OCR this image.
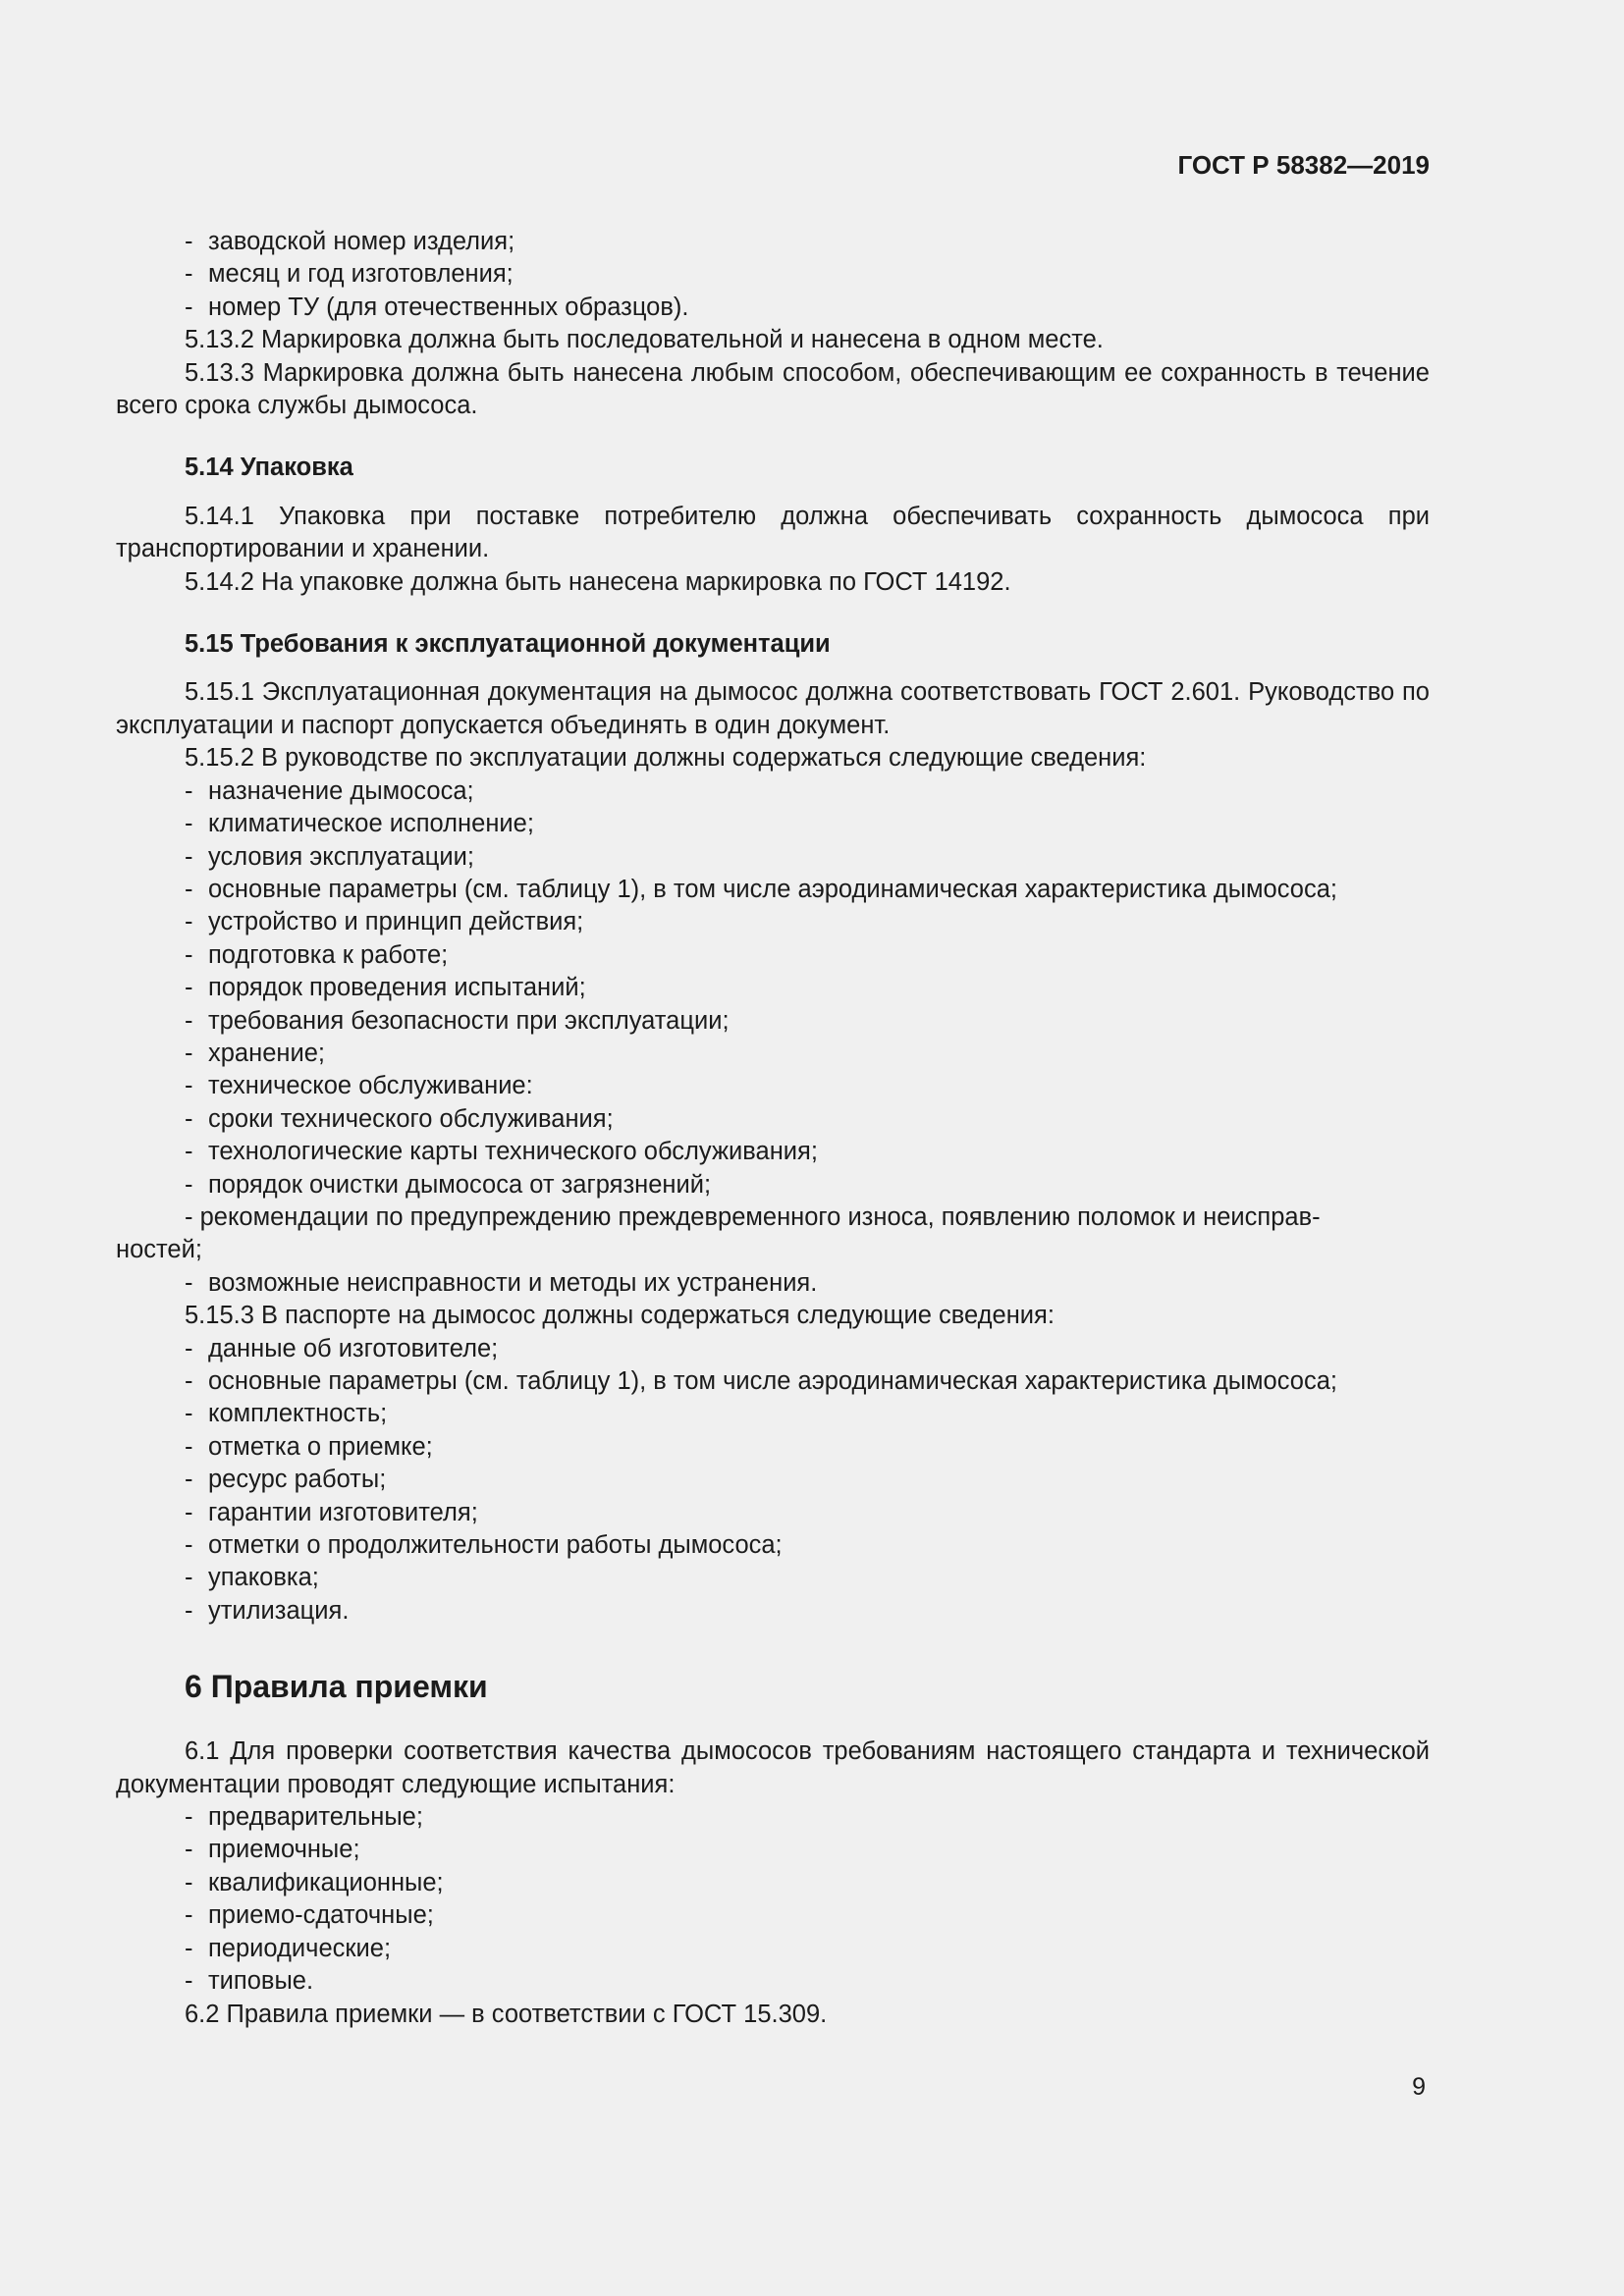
ГОСТ Р 58382—2019
- заводской номер изделия;
- месяц и год изготовления;
- номер ТУ (для отечественных образцов).
5.13.2 Маркировка должна быть последовательной и нанесена в одном месте.
5.13.3 Маркировка должна быть нанесена любым способом, обеспечивающим ее сохранность в течение всего срока службы дымососа.
5.14 Упаковка
5.14.1 Упаковка при поставке потребителю должна обеспечивать сохранность дымососа при транспортировании и хранении.
5.14.2 На упаковке должна быть нанесена маркировка по ГОСТ 14192.
5.15 Требования к эксплуатационной документации
5.15.1 Эксплуатационная документация на дымосос должна соответствовать ГОСТ 2.601. Руководство по эксплуатации и паспорт допускается объединять в один документ.
5.15.2 В руководстве по эксплуатации должны содержаться следующие сведения:
- назначение дымососа;
- климатическое исполнение;
- условия эксплуатации;
- основные параметры (см. таблицу 1), в том числе аэродинамическая характеристика дымососа;
- устройство и принцип действия;
- подготовка к работе;
- порядок проведения испытаний;
- требования безопасности при эксплуатации;
- хранение;
- техническое обслуживание:
- сроки технического обслуживания;
- технологические карты технического обслуживания;
- порядок очистки дымососа от загрязнений;
- рекомендации по предупреждению преждевременного износа, появлению поломок и неисправ-
ностей;
- возможные неисправности и методы их устранения.
5.15.3 В паспорте на дымосос должны содержаться следующие сведения:
- данные об изготовителе;
- основные параметры (см. таблицу 1), в том числе аэродинамическая характеристика дымососа;
- комплектность;
- отметка о приемке;
- ресурс работы;
- гарантии изготовителя;
- отметки о продолжительности работы дымососа;
- упаковка;
- утилизация.
6 Правила приемки
6.1 Для проверки соответствия качества дымососов требованиям настоящего стандарта и технической документации проводят следующие испытания:
- предварительные;
- приемочные;
- квалификационные;
- приемо-сдаточные;
- периодические;
- типовые.
6.2 Правила приемки — в соответствии с ГОСТ 15.309.
9
